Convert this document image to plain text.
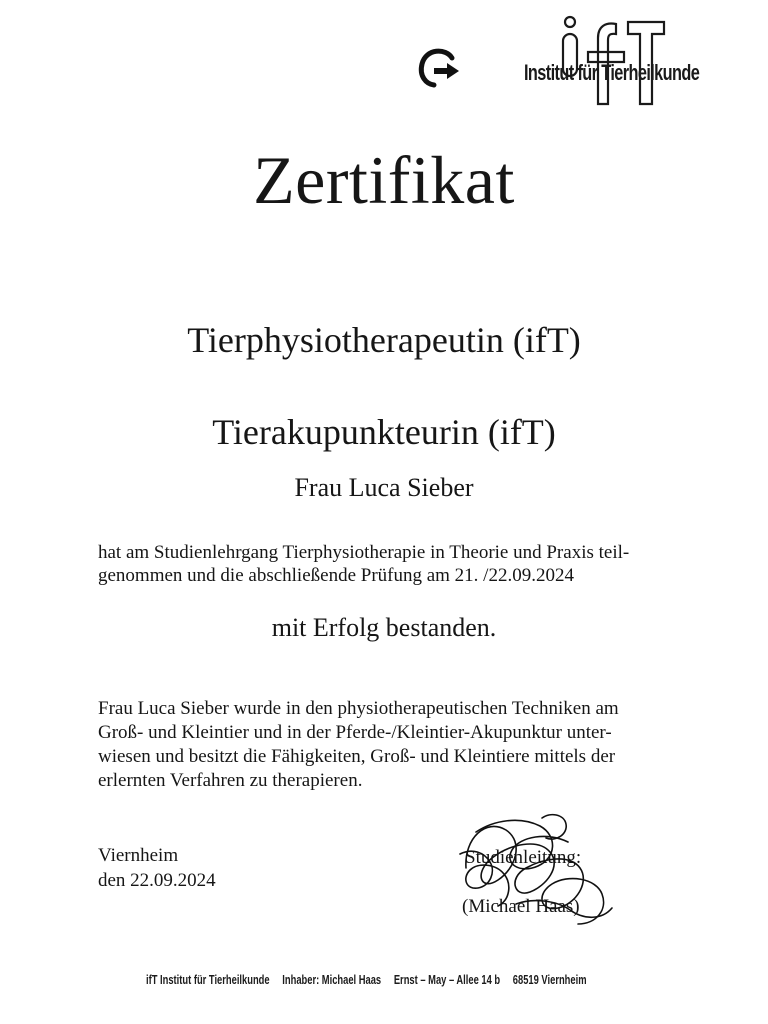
Institut für Tierheilkunde
Zertifikat
Tierphysiotherapeutin (ifT)
Tierakupunkteurin (ifT)
Frau Luca Sieber
hat am Studienlehrgang Tierphysiotherapie in Theorie und Praxis teil-
genommen und die abschließende Prüfung am 21. /22.09.2024
mit Erfolg bestanden.
Frau Luca Sieber wurde in den physiotherapeutischen Techniken am
Groß- und Kleintier und in der Pferde-/Kleintier-Akupunktur unter-
wiesen und besitzt die Fähigkeiten, Groß- und Kleintiere mittels der
erlernten Verfahren zu therapieren.
Viernheim
den 22.09.2024
Studienleitung:
(Michael Haas)
ifT Institut für Tierheilkunde Inhaber: Michael Haas Ernst – May – Allee 14 b 68519 Viernheim
